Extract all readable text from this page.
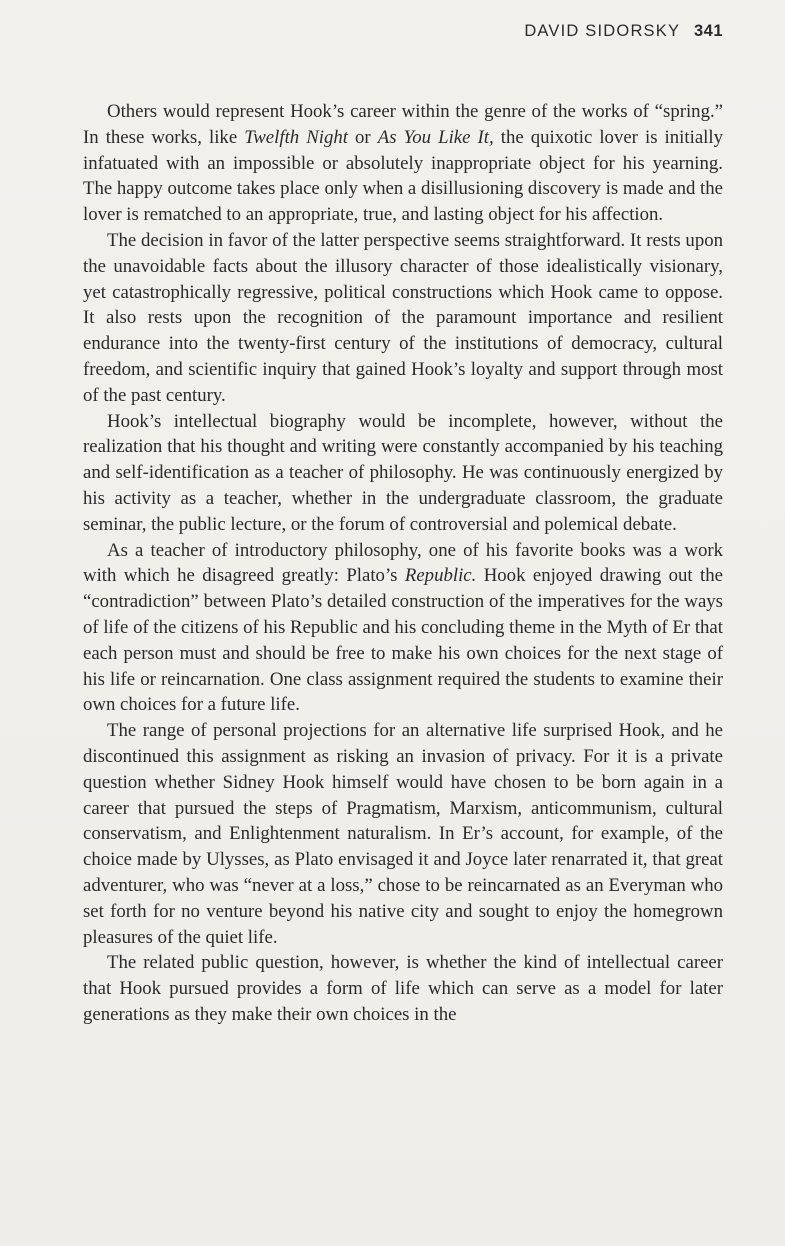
DAVID SIDORSKY 341

Others would represent Hook’s career within the genre of the works of “spring.” In these works, like Twelfth Night or As You Like It, the quixotic lover is initially infatuated with an impossible or absolutely inappropriate object for his yearning. The happy outcome takes place only when a disillusioning discovery is made and the lover is rematched to an appropriate, true, and lasting object for his affection.

The decision in favor of the latter perspective seems straightforward. It rests upon the unavoidable facts about the illusory character of those idealistically visionary, yet catastrophically regressive, political constructions which Hook came to oppose. It also rests upon the recognition of the paramount importance and resilient endurance into the twenty-first century of the institutions of democracy, cultural freedom, and scientific inquiry that gained Hook’s loyalty and support through most of the past century.

Hook’s intellectual biography would be incomplete, however, without the realization that his thought and writing were constantly accompanied by his teaching and self-identification as a teacher of philosophy. He was continuously energized by his activity as a teacher, whether in the undergraduate classroom, the graduate seminar, the public lecture, or the forum of controversial and polemical debate.

As a teacher of introductory philosophy, one of his favorite books was a work with which he disagreed greatly: Plato’s Republic. Hook enjoyed drawing out the “contradiction” between Plato’s detailed construction of the imperatives for the ways of life of the citizens of his Republic and his concluding theme in the Myth of Er that each person must and should be free to make his own choices for the next stage of his life or reincarnation. One class assignment required the students to examine their own choices for a future life.

The range of personal projections for an alternative life surprised Hook, and he discontinued this assignment as risking an invasion of privacy. For it is a private question whether Sidney Hook himself would have chosen to be born again in a career that pursued the steps of Pragmatism, Marxism, anticommunism, cultural conservatism, and Enlightenment naturalism. In Er’s account, for example, of the choice made by Ulysses, as Plato envisaged it and Joyce later renarrated it, that great adventurer, who was “never at a loss,” chose to be reincarnated as an Everyman who set forth for no venture beyond his native city and sought to enjoy the homegrown pleasures of the quiet life.

The related public question, however, is whether the kind of intellectual career that Hook pursued provides a form of life which can serve as a model for later generations as they make their own choices in the
